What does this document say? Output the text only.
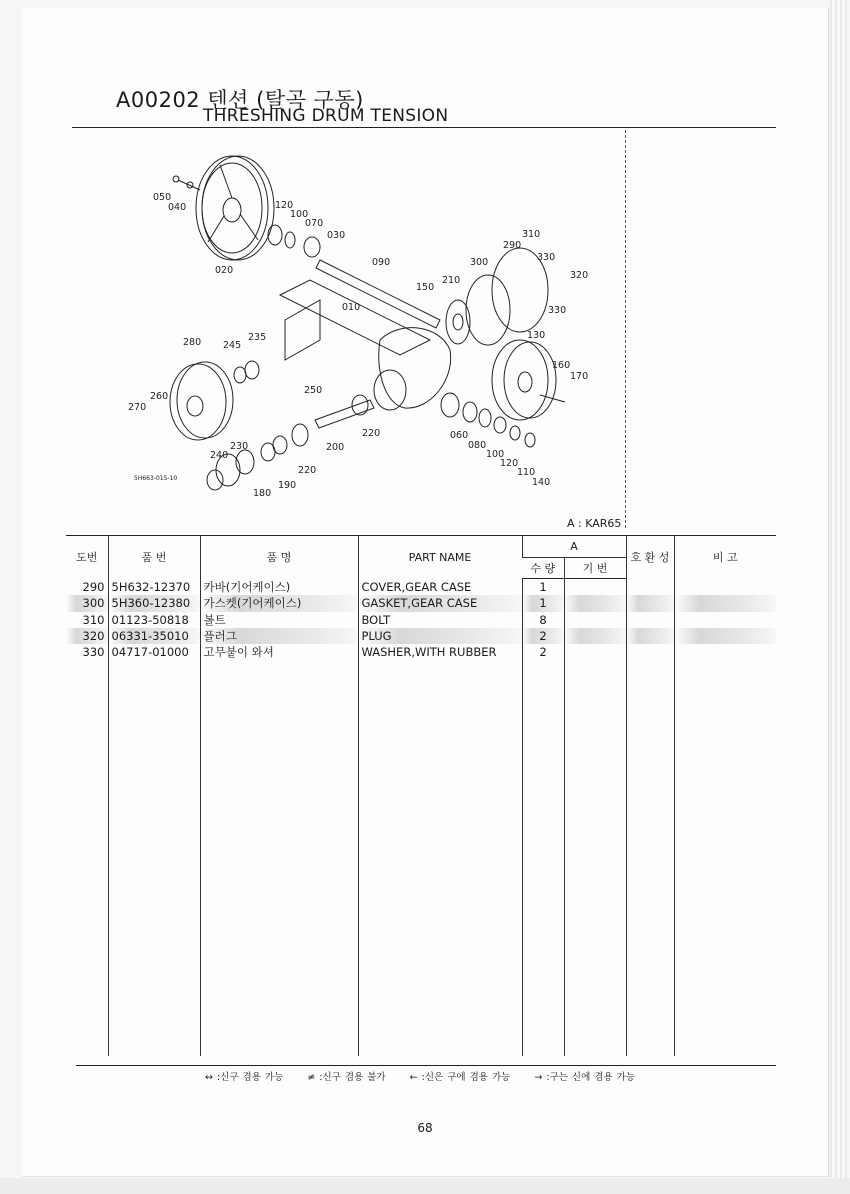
A00202 텐션 (탈곡 구동)
THRESHING DRUM TENSION
050
040
020
120
100
070
030
090
010
150
210
300
290
310
330
320
330
130
160
170
280 245
235
250
260
270
230
240
220
200
220
190
180
060
080
100
120
110
140
5H663-015-10
A : KAR65
도번	품 번	품 명	PART NAME	A		호 환 성	비 고
				수 량	기 번		
290	5H632-12370	카바(기어케이스)	COVER,GEAR CASE	1			
300	5H360-12380	가스켓(기어케이스)	GASKET,GEAR CASE	1			
310	01123-50818	볼트	BOLT	8			
320	06331-35010	플러그	PLUG	2			
330	04717-01000	고무붙이 와셔	WASHER,WITH RUBBER	2			

↔ :신구 겸용 가능	≠ :신구 겸용 불가	← :신은 구에 겸용 가능	→ :구는 신에 겸용 가능
68
